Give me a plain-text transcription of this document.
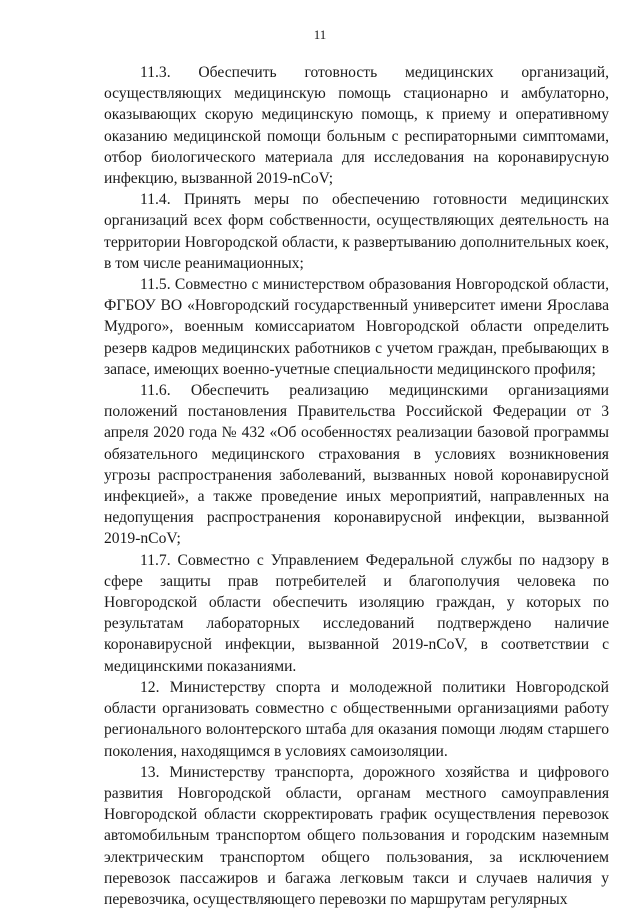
11

11.3. Обеспечить готовность медицинских организаций, осуществляющих медицинскую помощь стационарно и амбулаторно, оказывающих скорую медицинскую помощь, к приему и оперативному оказанию медицинской помощи больным с респираторными симптомами, отбор биологического материала для исследования на коронавирусную инфекцию, вызванной 2019-nCoV;

11.4. Принять меры по обеспечению готовности медицинских организаций всех форм собственности, осуществляющих деятельность на территории Новгородской области, к развертыванию дополнительных коек, в том числе реанимационных;

11.5. Совместно с министерством образования Новгородской области, ФГБОУ ВО «Новгородский государственный университет имени Ярослава Мудрого», военным комиссариатом Новгородской области определить резерв кадров медицинских работников с учетом граждан, пребывающих в запасе, имеющих военно-учетные специальности медицинского профиля;

11.6. Обеспечить реализацию медицинскими организациями положений постановления Правительства Российской Федерации от 3 апреля 2020 года № 432 «Об особенностях реализации базовой программы обязательного медицинского страхования в условиях возникновения угрозы распространения заболеваний, вызванных новой коронавирусной инфекцией», а также проведение иных мероприятий, направленных на недопущения распространения коронавирусной инфекции, вызванной 2019-nCoV;

11.7. Совместно с Управлением Федеральной службы по надзору в сфере защиты прав потребителей и благополучия человека по Новгородской области обеспечить изоляцию граждан, у которых по результатам лабораторных исследований подтверждено наличие коронавирусной инфекции, вызванной 2019-nCoV, в соответствии с медицинскими показаниями.

12. Министерству спорта и молодежной политики Новгородской области организовать совместно с общественными организациями работу регионального волонтерского штаба для оказания помощи людям старшего поколения, находящимся в условиях самоизоляции.

13. Министерству транспорта, дорожного хозяйства и цифрового развития Новгородской области, органам местного самоуправления Новгородской области скорректировать график осуществления перевозок автомобильным транспортом общего пользования и городским наземным электрическим транспортом общего пользования, за исключением перевозок пассажиров и багажа легковым такси и случаев наличия у перевозчика, осуществляющего перевозки по маршрутам регулярных
